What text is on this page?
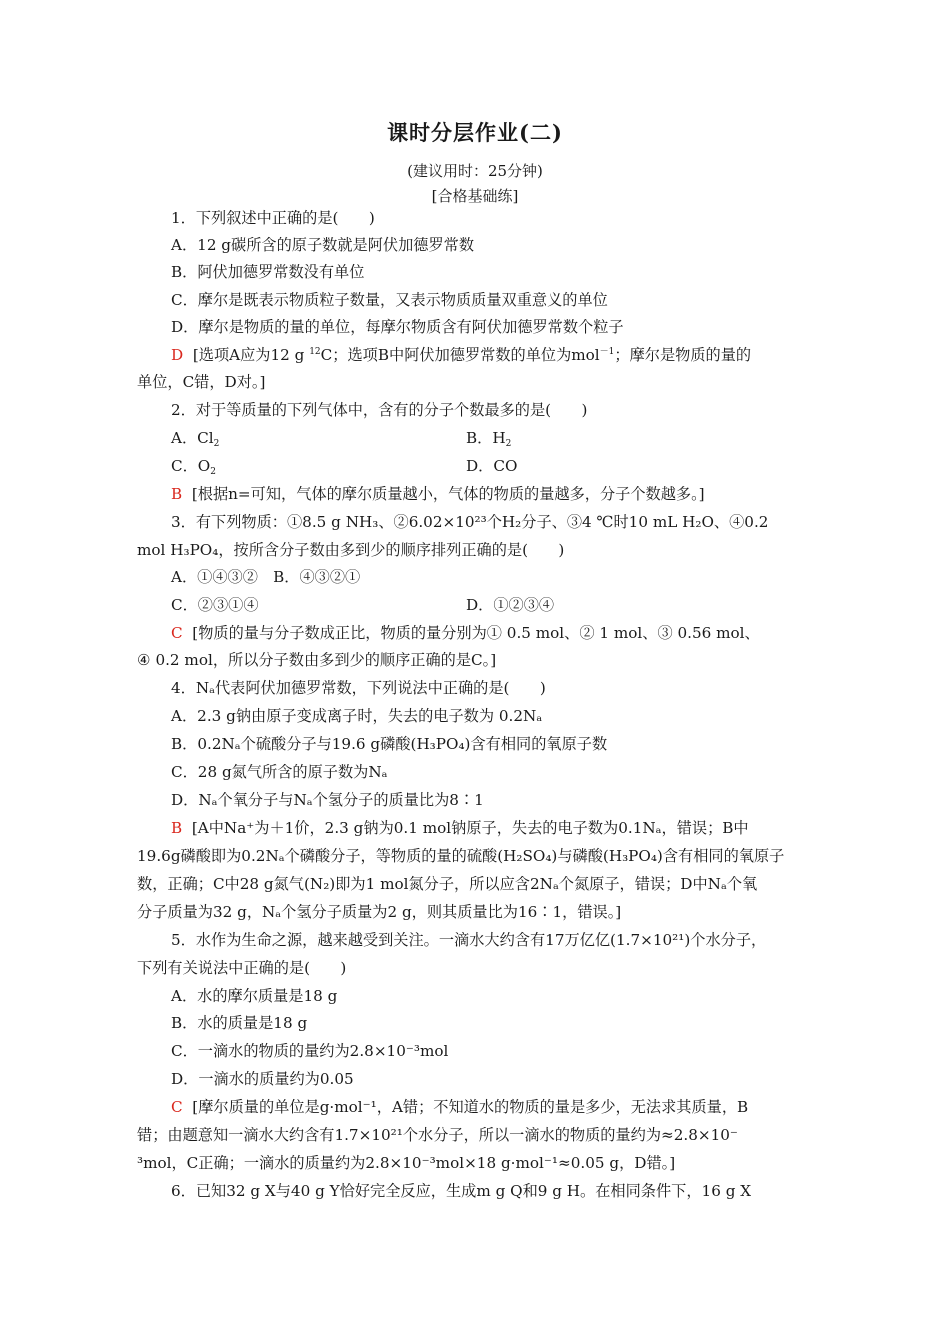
课时分层作业(二)
(建议用时：25分钟)
[合格基础练]
1．下列叙述中正确的是(　　)
A．12 g碳所含的原子数就是阿伏加德罗常数
B．阿伏加德罗常数没有单位
C．摩尔是既表示物质粒子数量，又表示物质质量双重意义的单位
D．摩尔是物质的量的单位，每摩尔物质含有阿伏加德罗常数个粒子
D [选项A应为12 g $^{12}$C；选项B中阿伏加德罗常数的单位为mol$^{-1}$；摩尔是物质的量的
单位，C错，D对。]
2．对于等质量的下列气体中，含有的分子个数最多的是(　　)
A．$Cl_2$	B．$H_2$
C．$O_2$	D．CO
B [根据n=可知，气体的摩尔质量越小，气体的物质的量越多，分子个数越多。]
3．有下列物质：①8.5 g NH₃、②6.02×10²³个H₂分子、③4 ℃时10 mL H₂O、④0.2
mol H₃PO₄，按所含分子数由多到少的顺序排列正确的是(　　)
A．①④③②　B．④③②①
C．②③①④	D．①②③④
C [物质的量与分子数成正比，物质的量分别为① 0.5 mol、② 1 mol、③ 0.56 mol、
④ 0.2 mol，所以分子数由多到少的顺序正确的是C。]
4．Nₐ代表阿伏加德罗常数，下列说法中正确的是(　　)
A．2.3 g钠由原子变成离子时，失去的电子数为 0.2Nₐ
B．0.2Nₐ个硫酸分子与19.6 g磷酸(H₃PO₄)含有相同的氧原子数
C．28 g氮气所含的原子数为Nₐ
D．Nₐ个氧分子与Nₐ个氢分子的质量比为8∶1
B [A中Na⁺为＋1价，2.3 g钠为0.1 mol钠原子，失去的电子数为0.1Nₐ，错误；B中
19.6g磷酸即为0.2Nₐ个磷酸分子，等物质的量的硫酸(H₂SO₄)与磷酸(H₃PO₄)含有相同的氧原子
数，正确；C中28 g氮气(N₂)即为1 mol氮分子，所以应含2Nₐ个氮原子，错误；D中Nₐ个氧
分子质量为32 g，Nₐ个氢分子质量为2 g，则其质量比为16∶1，错误。]
5．水作为生命之源，越来越受到关注。一滴水大约含有17万亿亿(1.7×10²¹)个水分子，
下列有关说法中正确的是(　　)
A．水的摩尔质量是18 g
B．水的质量是18 g
C．一滴水的物质的量约为2.8×10⁻³mol
D．一滴水的质量约为0.05
C [摩尔质量的单位是g·mol⁻¹，A错；不知道水的物质的量是多少，无法求其质量，B
错；由题意知一滴水大约含有1.7×10²¹个水分子，所以一滴水的物质的量约为≈2.8×10⁻
³mol，C正确；一滴水的质量约为2.8×10⁻³mol×18 g·mol⁻¹≈0.05 g，D错。]
6．已知32 g X与40 g Y恰好完全反应，生成m g Q和9 g H。在相同条件下，16 g X
